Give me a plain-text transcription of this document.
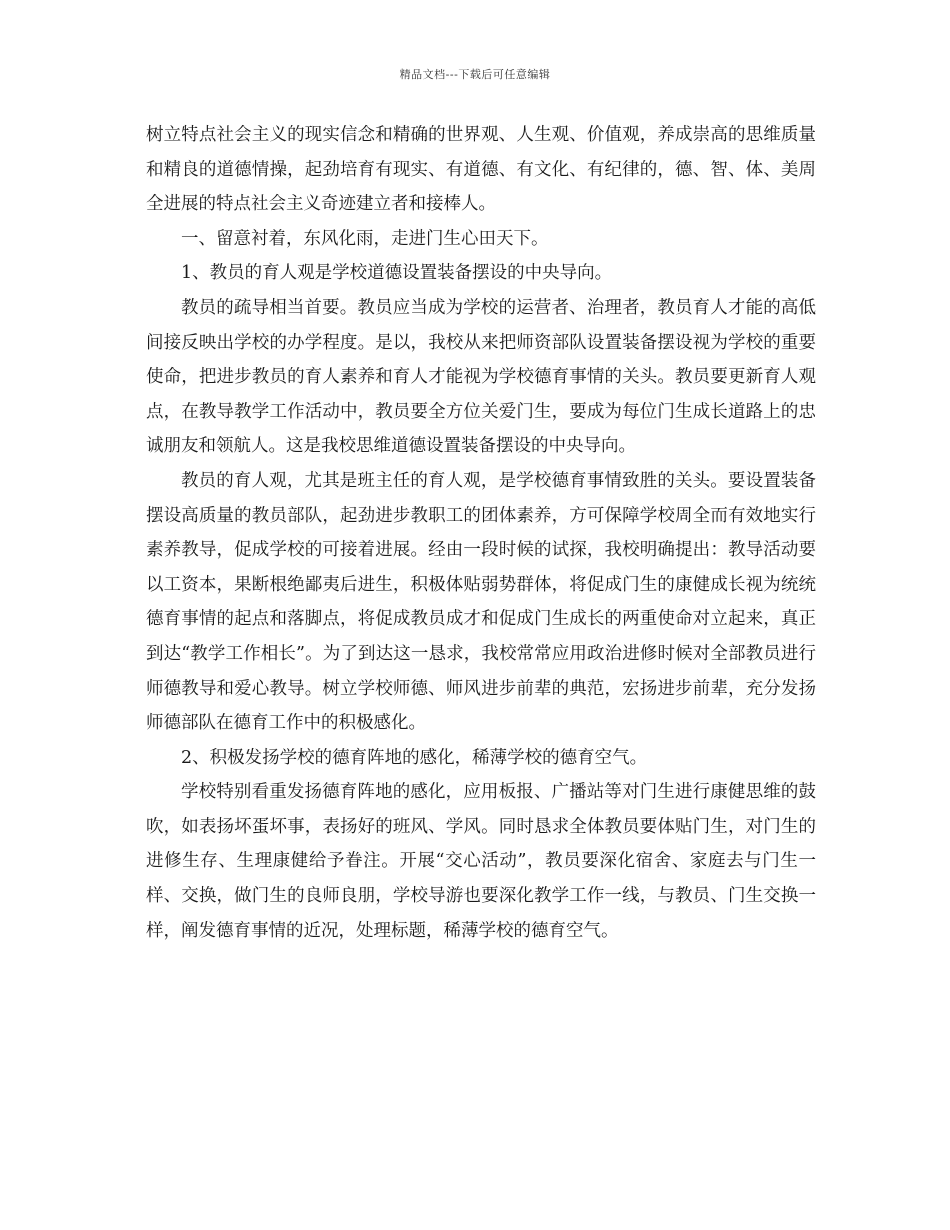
精品文档---下载后可任意编辑

树立特点社会主义的现实信念和精确的世界观、人生观、价值观，养成崇高的思维质量和精良的道德情操，起劲培育有现实、有道德、有文化、有纪律的，德、智、体、美周全进展的特点社会主义奇迹建立者和接棒人。

一、留意衬着，东风化雨，走进门生心田天下。

1、教员的育人观是学校道德设置装备摆设的中央导向。

教员的疏导相当首要。教员应当成为学校的运营者、治理者，教员育人才能的高低间接反映出学校的办学程度。是以，我校从来把师资部队设置装备摆设视为学校的重要使命，把进步教员的育人素养和育人才能视为学校德育事情的关头。教员要更新育人观点，在教导教学工作活动中，教员要全方位关爱门生，要成为每位门生成长道路上的忠诚朋友和领航人。这是我校思维道德设置装备摆设的中央导向。

教员的育人观，尤其是班主任的育人观，是学校德育事情致胜的关头。要设置装备摆设高质量的教员部队，起劲进步教职工的团体素养，方可保障学校周全而有效地实行素养教导，促成学校的可接着进展。经由一段时候的试探，我校明确提出：教导活动要以工资本，果断根绝鄙夷后进生，积极体贴弱势群体，将促成门生的康健成长视为统统德育事情的起点和落脚点，将促成教员成才和促成门生成长的两重使命对立起来，真正到达“教学工作相长”。为了到达这一恳求，我校常常应用政治进修时候对全部教员进行师德教导和爱心教导。树立学校师德、师风进步前辈的典范，宏扬进步前辈，充分发扬师德部队在德育工作中的积极感化。

2、积极发扬学校的德育阵地的感化，稀薄学校的德育空气。

学校特别看重发扬德育阵地的感化，应用板报、广播站等对门生进行康健思维的鼓吹，如表扬坏蛋坏事，表扬好的班风、学风。同时恳求全体教员要体贴门生，对门生的进修生存、生理康健给予眷注。开展“交心活动”，教员要深化宿舍、家庭去与门生一样、交换，做门生的良师良朋，学校导游也要深化教学工作一线，与教员、门生交换一样，阐发德育事情的近况，处理标题，稀薄学校的德育空气。
